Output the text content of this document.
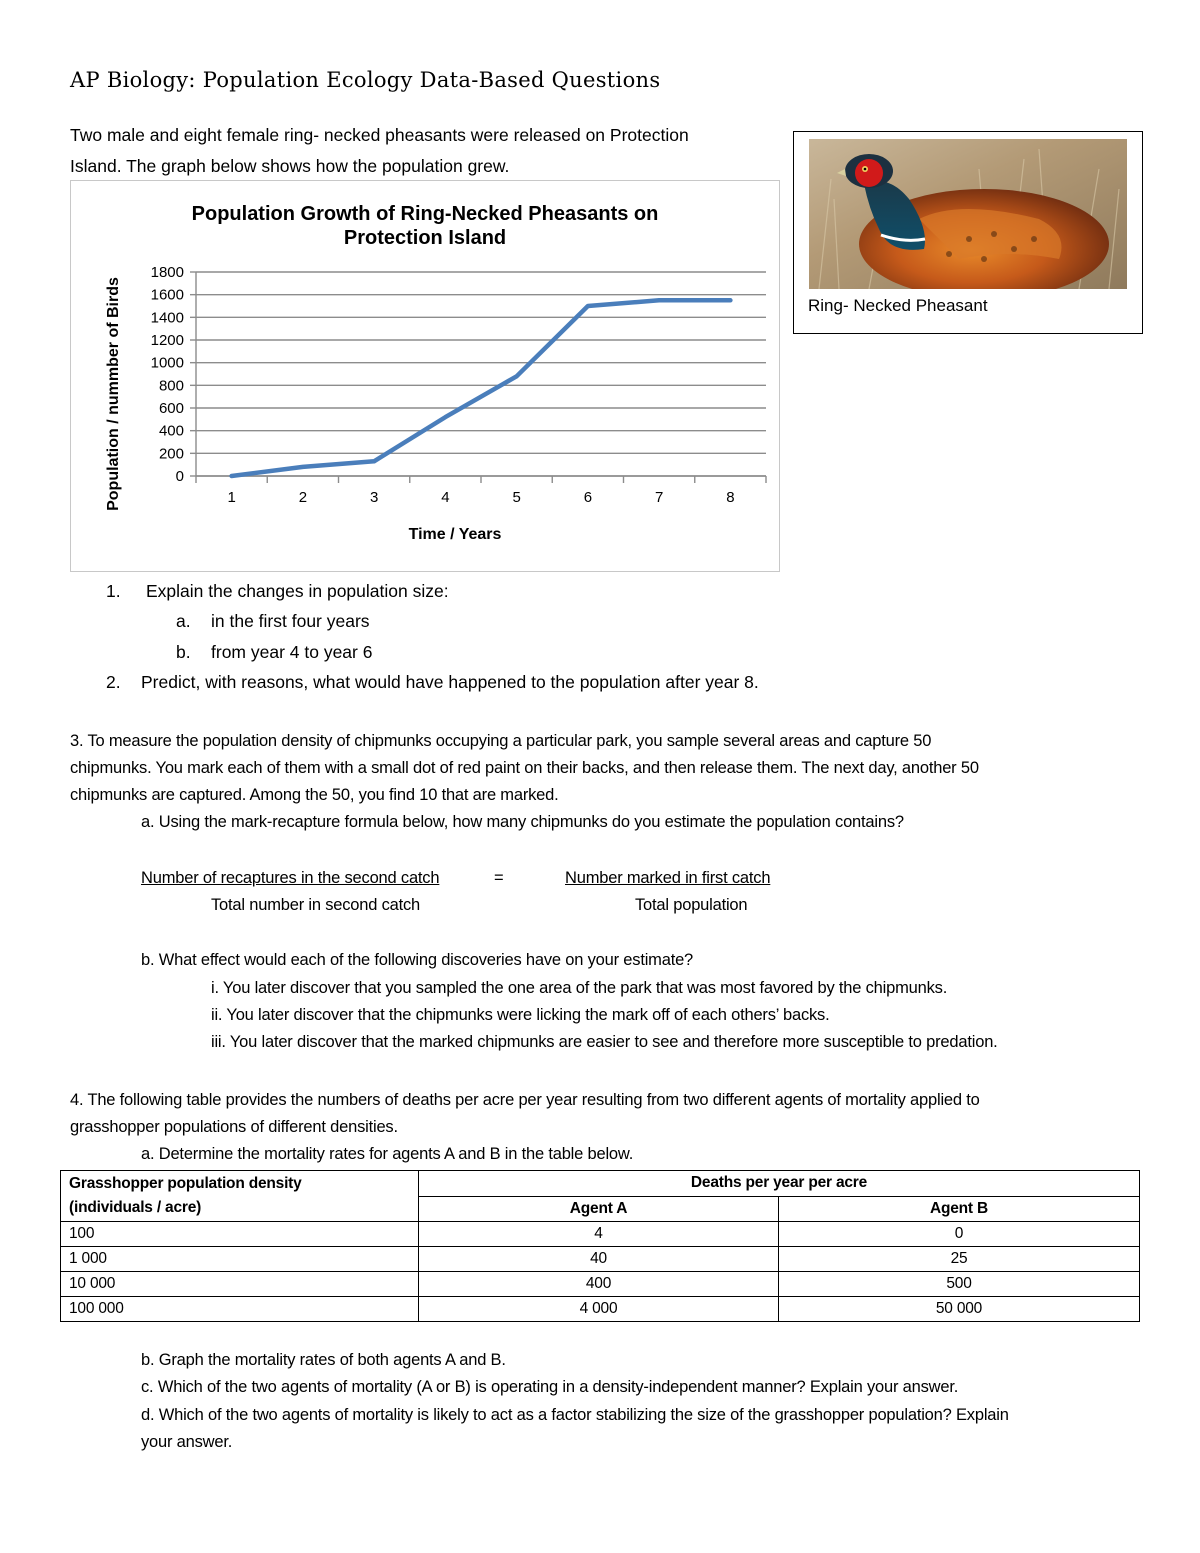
AP Biology: Population Ecology Data-Based Questions
Two male and eight female ring- necked pheasants were released on Protection
Island. The graph below shows how the population grew.
Population Growth of Ring-Necked Pheasants on
Protection Island
0
200
400
600
800
1000
1200
1400
1600
1800
1	2	3	4	5	6	7	8
Time / Years
Population / nummber of Birds	Ring- Necked Pheasant
1. Explain the changes in population size:
a. in the first four years
b. from year 4 to year 6
2. Predict, with reasons, what would have happened to the population after year 8.
3. To measure the population density of chipmunks occupying a particular park, you sample several areas and capture 50
chipmunks. You mark each of them with a small dot of red paint on their backs, and then release them. The next day, another 50
chipmunks are captured. Among the 50, you find 10 that are marked.
a. Using the mark-recapture formula below, how many chipmunks do you estimate the population contains?
Number of recaptures in the second catch	=	Number marked in first catch
Total number in second catch	Total population
b. What effect would each of the following discoveries have on your estimate?
i. You later discover that you sampled the one area of the park that was most favored by the chipmunks.
ii. You later discover that the chipmunks were licking the mark off of each others’ backs.
iii. You later discover that the marked chipmunks are easier to see and therefore more susceptible to predation.
4. The following table provides the numbers of deaths per acre per year resulting from two different agents of mortality applied to
grasshopper populations of different densities.
a. Determine the mortality rates for agents A and B in the table below.
Grasshopper population density
(individuals / acre)	Deaths per year per acre	
	Agent A	Agent B
100	4	0
1 000	40	25
10 000	400	500
100 000	4 000	50 000
b. Graph the mortality rates of both agents A and B.
c. Which of the two agents of mortality (A or B) is operating in a density-independent manner? Explain your answer.
d. Which of the two agents of mortality is likely to act as a factor stabilizing the size of the grasshopper population? Explain
your answer.
